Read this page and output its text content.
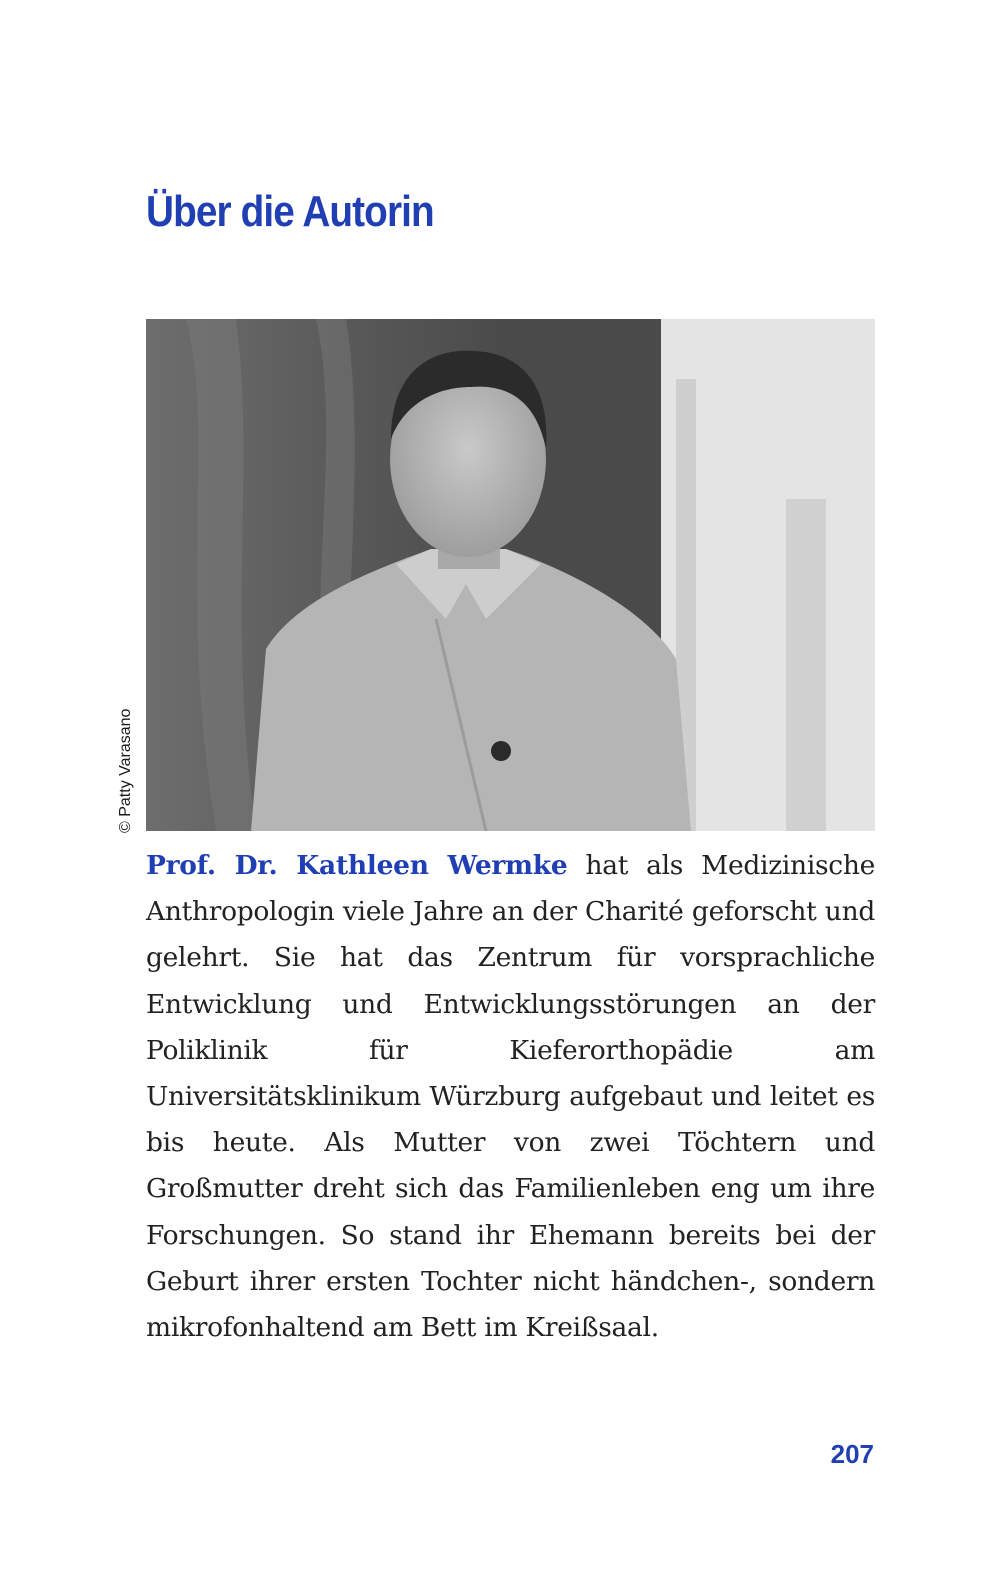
Über die Autorin
© Patty Varasano

Prof. Dr. Kathleen Wermke hat als Medizinische Anthropologin viele Jahre an der Charité geforscht und gelehrt. Sie hat das Zentrum für vorsprachliche Entwicklung und Entwicklungsstörungen an der Poliklinik für Kieferorthopädie am Universitätsklinikum Würzburg aufgebaut und leitet es bis heute. Als Mutter von zwei Töchtern und Großmutter dreht sich das Familienleben eng um ihre Forschungen. So stand ihr Ehemann bereits bei der Geburt ihrer ersten Tochter nicht händchen-, sondern mikrofonhaltend am Bett im Kreißsaal.

207
